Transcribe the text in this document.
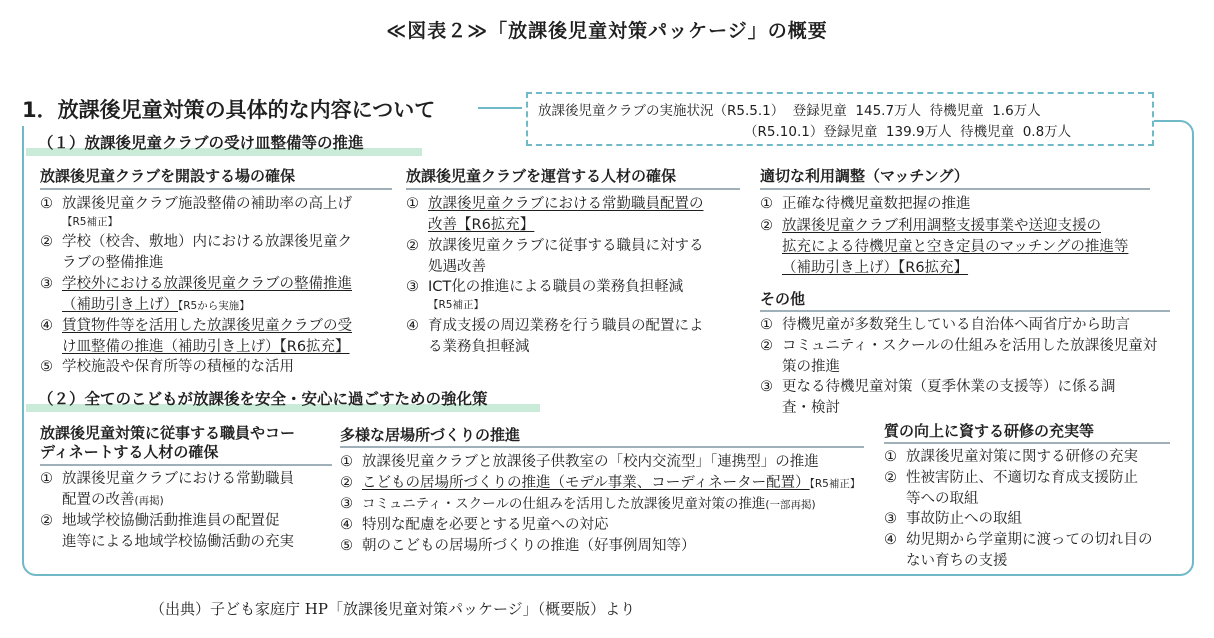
≪図表２≫「放課後児童対策パッケージ」の概要
1．放課後児童対策の具体的な内容について	放課後児童クラブの実施状況（R5.5.1）  登録児童  145.7万人  待機児童  1.6万人
（R5.10.1）登録児童  139.9万人  待機児童  0.8万人
（１）放課後児童クラブの受け皿整備等の推進
放課後児童クラブを開設する場の確保
① 放課後児童クラブ施設整備の補助率の高上げ
$^{【R5補正】}$
② 学校（校舎、敷地）内における放課後児童ク
ラブの整備推進
③ 学校外における放課後児童クラブの整備推進
（補助引き上げ）【R5から実施】
④ 賃貸物件等を活用した放課後児童クラブの受
け皿整備の推進（補助引き上げ）【R6拡充】
⑤ 学校施設や保育所等の積極的な活用
放課後児童クラブを運営する人材の確保
① 放課後児童クラブにおける常勤職員配置の
改善【R6拡充】
② 放課後児童クラブに従事する職員に対する
処遇改善
③ ICT化の推進による職員の業務負担軽減
$^{【R5補正】}$
④ 育成支援の周辺業務を行う職員の配置によ
る業務負担軽減
適切な利用調整（マッチング）
① 正確な待機児童数把握の推進
② 放課後児童クラブ利用調整支援事業や送迎支援の
拡充による待機児童と空き定員のマッチングの推進等
（補助引き上げ）【R6拡充】
その他
① 待機児童が多数発生している自治体へ両省庁から助言
② コミュニティ・スクールの仕組みを活用した放課後児童対
策の推進
③ 更なる待機児童対策（夏季休業の支援等）に係る調
査・検討
（２）全てのこどもが放課後を安全・安心に過ごすための強化策
放課後児童対策に従事する職員やコー
ディネートする人材の確保
① 放課後児童クラブにおける常勤職員
配置の改善(再掲)
② 地域学校協働活動推進員の配置促
進等による地域学校協働活動の充実
多様な居場所づくりの推進
① 放課後児童クラブと放課後子供教室の「校内交流型」「連携型」の推進
② こどもの居場所づくりの推進（モデル事業、コーディネーター配置）【R5補正】
③ コミュニティ・スクールの仕組みを活用した放課後児童対策の推進(一部再掲)
④ 特別な配慮を必要とする児童への対応
⑤ 朝のこどもの居場所づくりの推進（好事例周知等）
質の向上に資する研修の充実等
① 放課後児童対策に関する研修の充実
② 性被害防止、不適切な育成支援防止
等への取組
③ 事故防止への取組
④ 幼児期から学童期に渡っての切れ目の
ない育ちの支援
（出典）子ども家庭庁 HP「放課後児童対策パッケージ」（概要版）より
